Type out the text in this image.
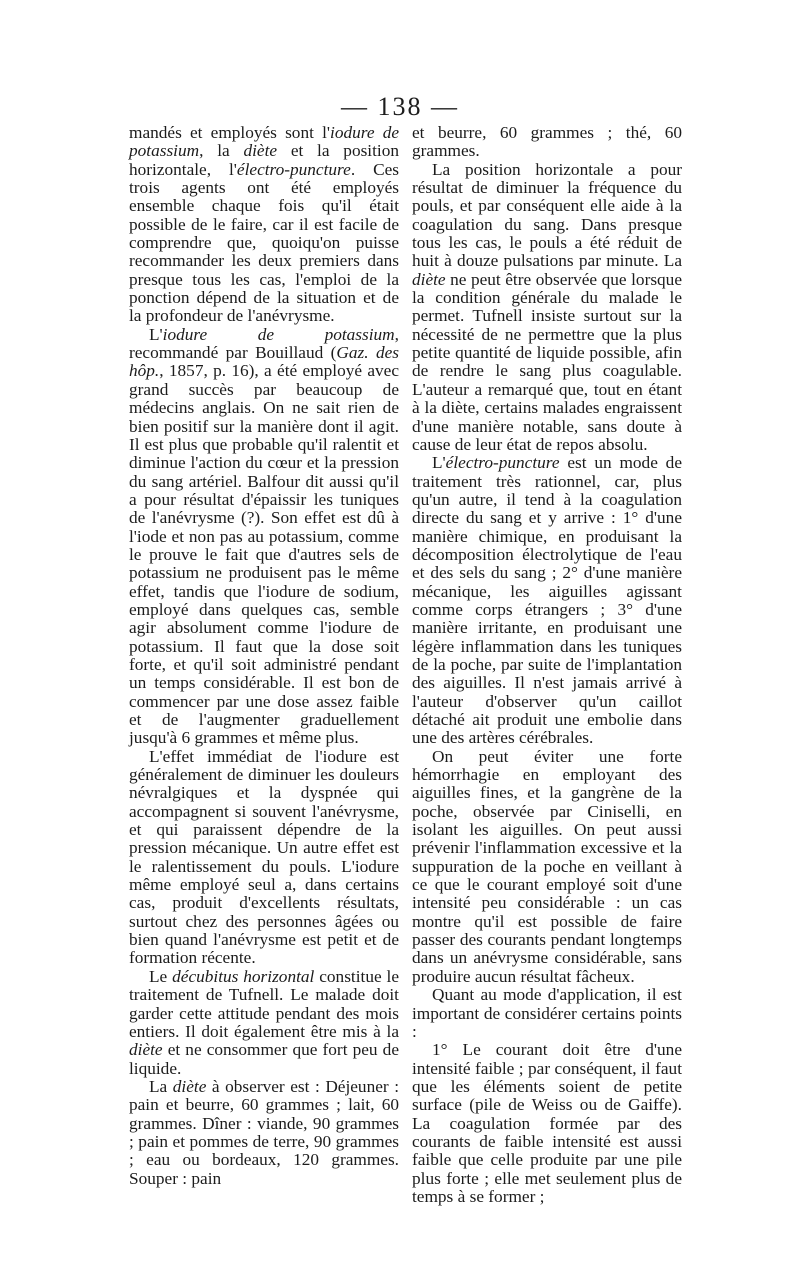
— 138 —

mandés et employés sont l'iodure de potassium, la diète et la position horizontale, l'électro-puncture. Ces trois agents ont été employés ensemble chaque fois qu'il était possible de le faire, car il est facile de comprendre que, quoiqu'on puisse recommander les deux premiers dans presque tous les cas, l'emploi de la ponction dépend de la situation et de la profondeur de l'anévrysme.

L'iodure de potassium, recommandé par Bouillaud (Gaz. des hôp., 1857, p. 16), a été employé avec grand succès par beaucoup de médecins anglais. On ne sait rien de bien positif sur la manière dont il agit. Il est plus que probable qu'il ralentit et diminue l'action du cœur et la pression du sang artériel. Balfour dit aussi qu'il a pour résultat d'épaissir les tuniques de l'anévrysme (?). Son effet est dû à l'iode et non pas au potassium, comme le prouve le fait que d'autres sels de potassium ne produisent pas le même effet, tandis que l'iodure de sodium, employé dans quelques cas, semble agir absolument comme l'iodure de potassium. Il faut que la dose soit forte, et qu'il soit administré pendant un temps considérable. Il est bon de commencer par une dose assez faible et de l'augmenter graduellement jusqu'à 6 grammes et même plus.

L'effet immédiat de l'iodure est généralement de diminuer les douleurs névralgiques et la dyspnée qui accompagnent si souvent l'anévrysme, et qui paraissent dépendre de la pression mécanique. Un autre effet est le ralentissement du pouls. L'iodure même employé seul a, dans certains cas, produit d'excellents résultats, surtout chez des personnes âgées ou bien quand l'anévrysme est petit et de formation récente.

Le décubitus horizontal constitue le traitement de Tufnell. Le malade doit garder cette attitude pendant des mois entiers. Il doit également être mis à la diète et ne consommer que fort peu de liquide.

La diète à observer est : Déjeuner : pain et beurre, 60 grammes ; lait, 60 grammes. Dîner : viande, 90 grammes ; pain et pommes de terre, 90 grammes ; eau ou bordeaux, 120 grammes. Souper : pain

et beurre, 60 grammes ; thé, 60 grammes.

La position horizontale a pour résultat de diminuer la fréquence du pouls, et par conséquent elle aide à la coagulation du sang. Dans presque tous les cas, le pouls a été réduit de huit à douze pulsations par minute. La diète ne peut être observée que lorsque la condition générale du malade le permet. Tufnell insiste surtout sur la nécessité de ne permettre que la plus petite quantité de liquide possible, afin de rendre le sang plus coagulable. L'auteur a remarqué que, tout en étant à la diète, certains malades engraissent d'une manière notable, sans doute à cause de leur état de repos absolu.

L'électro-puncture est un mode de traitement très rationnel, car, plus qu'un autre, il tend à la coagulation directe du sang et y arrive : 1° d'une manière chimique, en produisant la décomposition électrolytique de l'eau et des sels du sang ; 2° d'une manière mécanique, les aiguilles agissant comme corps étrangers ; 3° d'une manière irritante, en produisant une légère inflammation dans les tuniques de la poche, par suite de l'implantation des aiguilles. Il n'est jamais arrivé à l'auteur d'observer qu'un caillot détaché ait produit une embolie dans une des artères cérébrales.

On peut éviter une forte hémorrhagie en employant des aiguilles fines, et la gangrène de la poche, observée par Ciniselli, en isolant les aiguilles. On peut aussi prévenir l'inflammation excessive et la suppuration de la poche en veillant à ce que le courant employé soit d'une intensité peu considérable : un cas montre qu'il est possible de faire passer des courants pendant longtemps dans un anévrysme considérable, sans produire aucun résultat fâcheux.

Quant au mode d'application, il est important de considérer certains points :

1° Le courant doit être d'une intensité faible ; par conséquent, il faut que les éléments soient de petite surface (pile de Weiss ou de Gaiffe). La coagulation formée par des courants de faible intensité est aussi faible que celle produite par une pile plus forte ; elle met seulement plus de temps à se former ;
